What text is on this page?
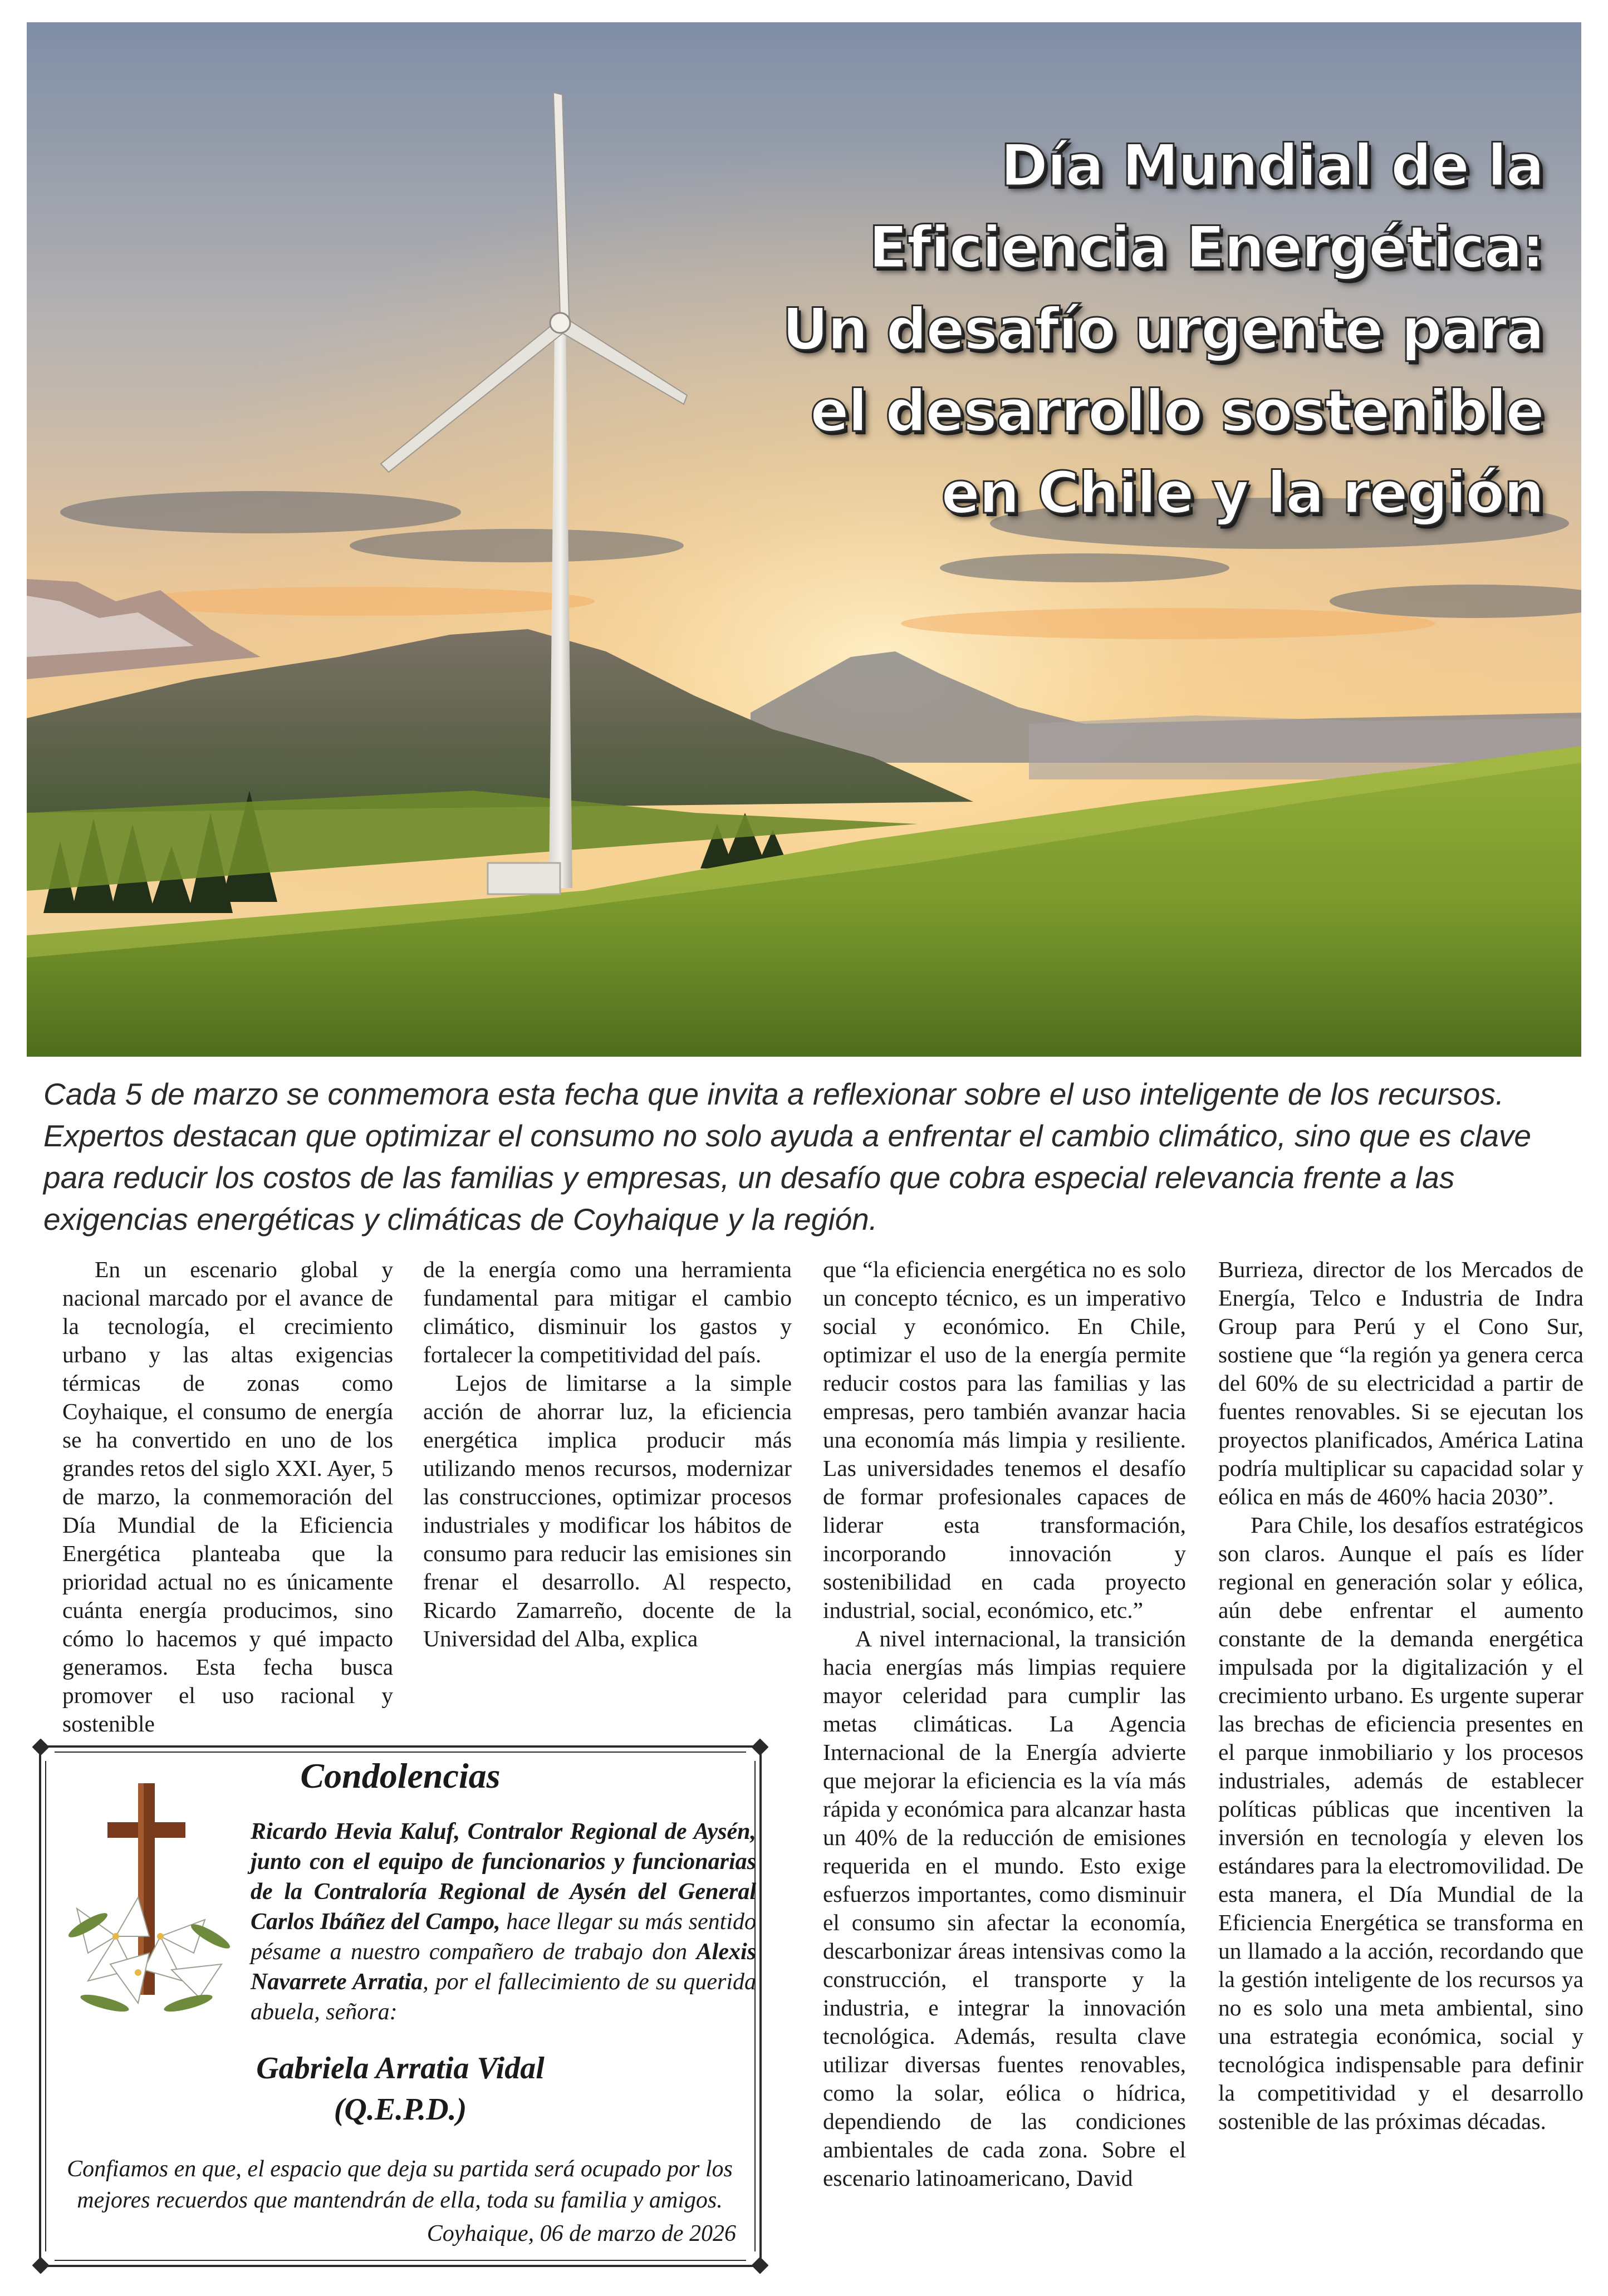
Día Mundial de la
Eficiencia Energética:
Un desafío urgente para
el desarrollo sostenible
en Chile y la región

Cada 5 de marzo se conmemora esta fecha que invita a reflexionar sobre el uso inteligente de los recursos. Expertos destacan que optimizar el consumo no solo ayuda a enfrentar el cambio climático, sino que es clave para reducir los costos de las familias y empresas, un desafío que cobra especial relevancia frente a las exigencias energéticas y climáticas de Coyhaique y la región.

En un escenario global y nacional marcado por el avance de la tecnología, el crecimiento urbano y las altas exigencias térmicas de zonas como Coyhaique, el consumo de energía se ha convertido en uno de los grandes retos del siglo XXI. Ayer, 5 de marzo, la conmemoración del Día Mundial de la Eficiencia Energética planteaba que la prioridad actual no es únicamente cuánta energía producimos, sino cómo lo hacemos y qué impacto generamos. Esta fecha busca promover el uso racional y sostenible

de la energía como una herramienta fundamental para mitigar el cambio climático, disminuir los gastos y fortalecer la competitividad del país.

Lejos de limitarse a la simple acción de ahorrar luz, la eficiencia energética implica producir más utilizando menos recursos, modernizar las construcciones, optimizar procesos industriales y modificar los hábitos de consumo para reducir las emisiones sin frenar el desarrollo. Al respecto, Ricardo Zamarreño, docente de la Universidad del Alba, explica

que “la eficiencia energética no es solo un concepto técnico, es un imperativo social y económico. En Chile, optimizar el uso de la energía permite reducir costos para las familias y las empresas, pero también avanzar hacia una economía más limpia y resiliente. Las universidades tenemos el desafío de formar profesionales capaces de liderar esta transformación, incorporando innovación y sostenibilidad en cada proyecto industrial, social, económico, etc.”

A nivel internacional, la transición hacia energías más limpias requiere mayor celeridad para cumplir las metas climáticas. La Agencia Internacional de la Energía advierte que mejorar la eficiencia es la vía más rápida y económica para alcanzar hasta un 40% de la reducción de emisiones requerida en el mundo. Esto exige esfuerzos importantes, como disminuir el consumo sin afectar la economía, descarbonizar áreas intensivas como la construcción, el transporte y la industria, e integrar la innovación tecnológica. Además, resulta clave utilizar diversas fuentes renovables, como la solar, eólica o hídrica, dependiendo de las condiciones ambientales de cada zona. Sobre el escenario latinoamericano, David

Burrieza, director de los Mercados de Energía, Telco e Industria de Indra Group para Perú y el Cono Sur, sostiene que “la región ya genera cerca del 60% de su electricidad a partir de fuentes renovables. Si se ejecutan los proyectos planificados, América Latina podría multiplicar su capacidad solar y eólica en más de 460% hacia 2030”.

Para Chile, los desafíos estratégicos son claros. Aunque el país es líder regional en generación solar y eólica, aún debe enfrentar el aumento constante de la demanda energética impulsada por la digitalización y el crecimiento urbano. Es urgente superar las brechas de eficiencia presentes en el parque inmobiliario y los procesos industriales, además de establecer políticas públicas que incentiven la inversión en tecnología y eleven los estándares para la electromovilidad. De esta manera, el Día Mundial de la Eficiencia Energética se transforma en un llamado a la acción, recordando que la gestión inteligente de los recursos ya no es solo una meta ambiental, sino una estrategia económica, social y tecnológica indispensable para definir la competitividad y el desarrollo sostenible de las próximas décadas.

Condolencias

Ricardo Hevia Kaluf, Contralor Regional de Aysén, junto con el equipo de funcionarios y funcionarias de la Contraloría Regional de Aysén del General Carlos Ibáñez del Campo, hace llegar su más sentido pésame a nuestro compañero de trabajo don Alexis Navarrete Arratia, por el fallecimiento de su querida abuela, señora:

Gabriela Arratia Vidal
(Q.E.P.D.)

Confiamos en que, el espacio que deja su partida será ocupado por los mejores recuerdos que mantendrán de ella, toda su familia y amigos.

Coyhaique, 06 de marzo de 2026
